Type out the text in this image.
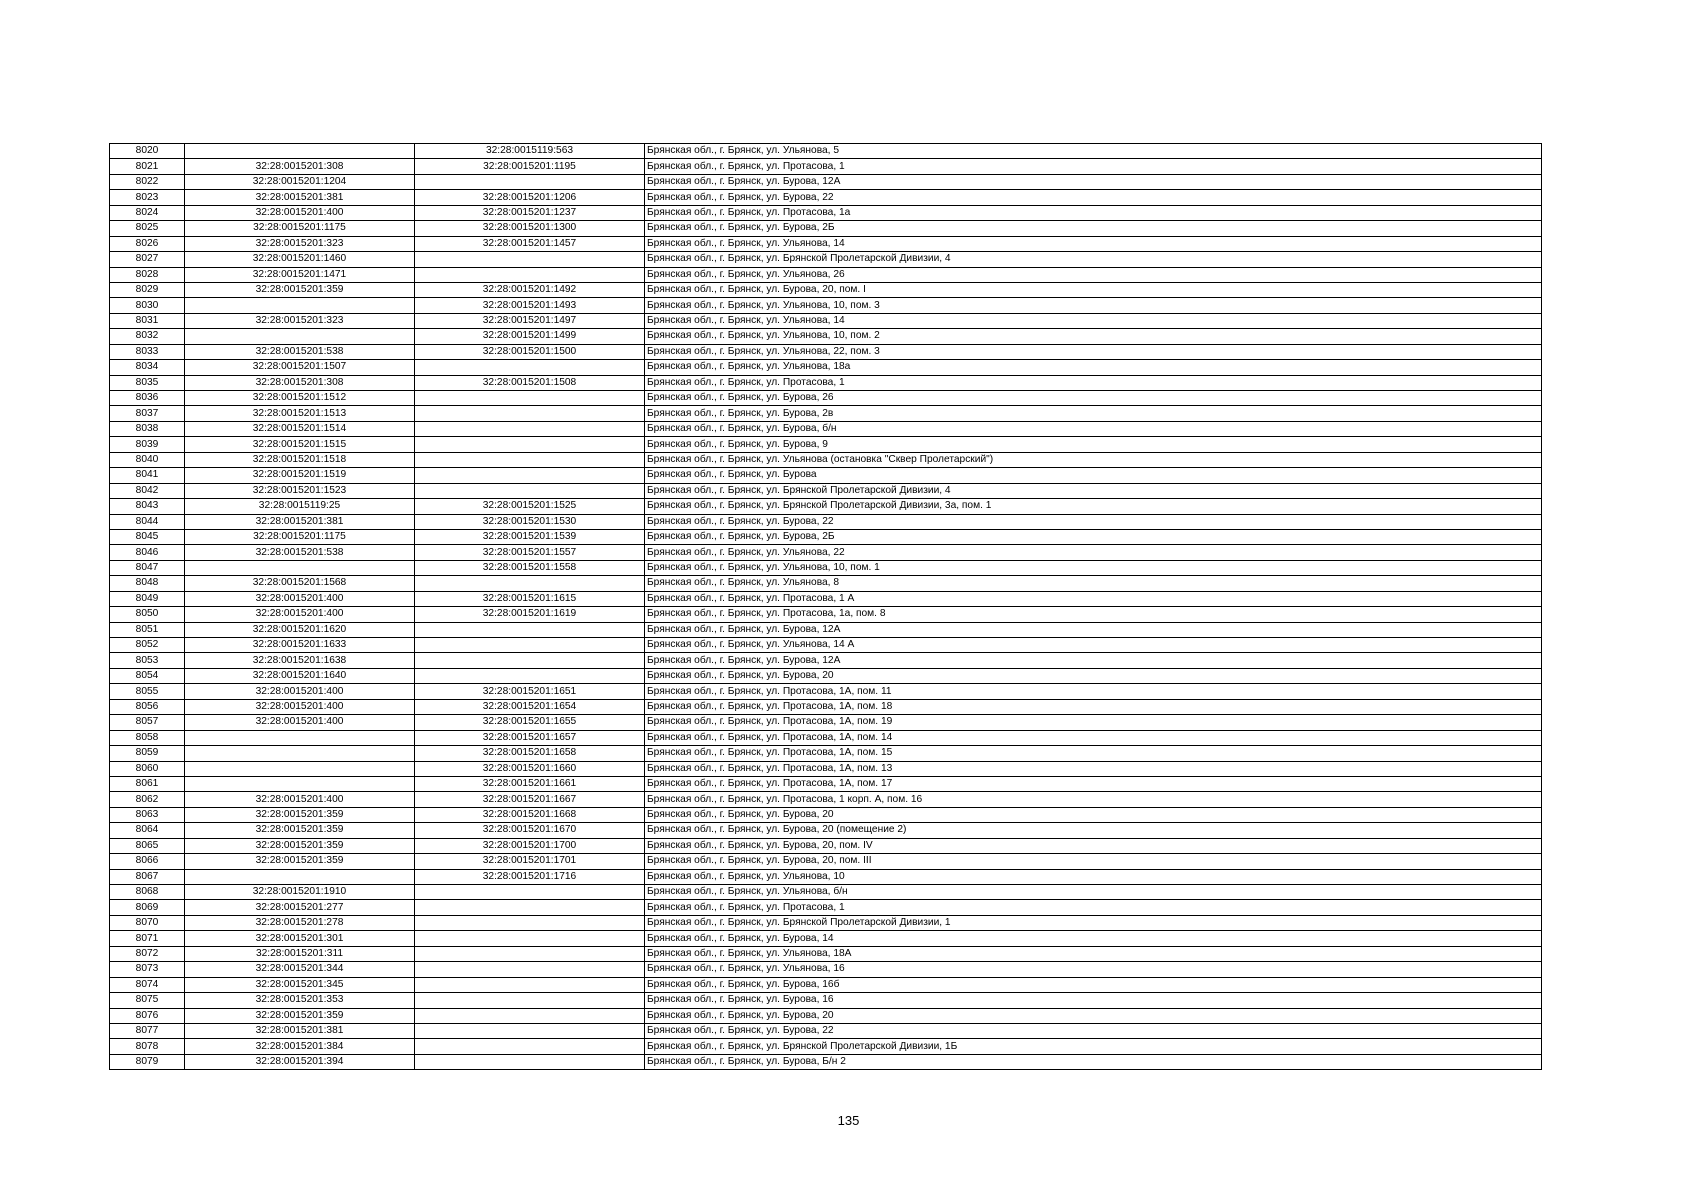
8020		32:28:0015119:563	Брянская обл., г. Брянск, ул. Ульянова, 5
8021	32:28:0015201:308	32:28:0015201:1195	Брянская обл., г. Брянск, ул. Протасова, 1
8022	32:28:0015201:1204		Брянская обл., г. Брянск, ул. Бурова, 12А
8023	32:28:0015201:381	32:28:0015201:1206	Брянская обл., г. Брянск, ул. Бурова, 22
8024	32:28:0015201:400	32:28:0015201:1237	Брянская обл., г. Брянск, ул. Протасова, 1а
8025	32:28:0015201:1175	32:28:0015201:1300	Брянская обл., г. Брянск, ул. Бурова, 2Б
8026	32:28:0015201:323	32:28:0015201:1457	Брянская обл., г. Брянск, ул. Ульянова, 14
8027	32:28:0015201:1460		Брянская обл., г. Брянск, ул. Брянской Пролетарской Дивизии, 4
8028	32:28:0015201:1471		Брянская обл., г. Брянск, ул. Ульянова, 26
8029	32:28:0015201:359	32:28:0015201:1492	Брянская обл., г. Брянск, ул. Бурова, 20, пом. I
8030		32:28:0015201:1493	Брянская обл., г. Брянск, ул. Ульянова, 10, пом. 3
8031	32:28:0015201:323	32:28:0015201:1497	Брянская обл., г. Брянск, ул. Ульянова, 14
8032		32:28:0015201:1499	Брянская обл., г. Брянск, ул. Ульянова, 10, пом. 2
8033	32:28:0015201:538	32:28:0015201:1500	Брянская обл., г. Брянск, ул. Ульянова, 22, пом. 3
8034	32:28:0015201:1507		Брянская обл., г. Брянск, ул. Ульянова, 18а
8035	32:28:0015201:308	32:28:0015201:1508	Брянская обл., г. Брянск, ул. Протасова, 1
8036	32:28:0015201:1512		Брянская обл., г. Брянск, ул. Бурова, 26
8037	32:28:0015201:1513		Брянская обл., г. Брянск, ул. Бурова, 2в
8038	32:28:0015201:1514		Брянская обл., г. Брянск, ул. Бурова, б/н
8039	32:28:0015201:1515		Брянская обл., г. Брянск, ул. Бурова, 9
8040	32:28:0015201:1518		Брянская обл., г. Брянск, ул. Ульянова (остановка "Сквер Пролетарский")
8041	32:28:0015201:1519		Брянская обл., г. Брянск, ул. Бурова
8042	32:28:0015201:1523		Брянская обл., г. Брянск, ул. Брянской Пролетарской Дивизии, 4
8043	32:28:0015119:25	32:28:0015201:1525	Брянская обл., г. Брянск, ул. Брянской Пролетарской Дивизии, 3а, пом. 1
8044	32:28:0015201:381	32:28:0015201:1530	Брянская обл., г. Брянск, ул. Бурова, 22
8045	32:28:0015201:1175	32:28:0015201:1539	Брянская обл., г. Брянск, ул. Бурова, 2Б
8046	32:28:0015201:538	32:28:0015201:1557	Брянская обл., г. Брянск, ул. Ульянова, 22
8047		32:28:0015201:1558	Брянская обл., г. Брянск, ул. Ульянова, 10, пом. 1
8048	32:28:0015201:1568		Брянская обл., г. Брянск, ул. Ульянова, 8
8049	32:28:0015201:400	32:28:0015201:1615	Брянская обл., г. Брянск, ул. Протасова, 1 А
8050	32:28:0015201:400	32:28:0015201:1619	Брянская обл., г. Брянск, ул. Протасова, 1а, пом. 8
8051	32:28:0015201:1620		Брянская обл., г. Брянск, ул. Бурова, 12А
8052	32:28:0015201:1633		Брянская обл., г. Брянск, ул. Ульянова, 14 А
8053	32:28:0015201:1638		Брянская обл., г. Брянск, ул. Бурова, 12А
8054	32:28:0015201:1640		Брянская обл., г. Брянск, ул. Бурова, 20
8055	32:28:0015201:400	32:28:0015201:1651	Брянская обл., г. Брянск, ул. Протасова, 1А, пом. 11
8056	32:28:0015201:400	32:28:0015201:1654	Брянская обл., г. Брянск, ул. Протасова, 1А, пом. 18
8057	32:28:0015201:400	32:28:0015201:1655	Брянская обл., г. Брянск, ул. Протасова, 1А, пом. 19
8058		32:28:0015201:1657	Брянская обл., г. Брянск, ул. Протасова, 1А, пом. 14
8059		32:28:0015201:1658	Брянская обл., г. Брянск, ул. Протасова, 1А, пом. 15
8060		32:28:0015201:1660	Брянская обл., г. Брянск, ул. Протасова, 1А, пом. 13
8061		32:28:0015201:1661	Брянская обл., г. Брянск, ул. Протасова, 1А, пом. 17
8062	32:28:0015201:400	32:28:0015201:1667	Брянская обл., г. Брянск, ул. Протасова, 1 корп. А, пом. 16
8063	32:28:0015201:359	32:28:0015201:1668	Брянская обл., г. Брянск, ул. Бурова, 20
8064	32:28:0015201:359	32:28:0015201:1670	Брянская обл., г. Брянск, ул. Бурова, 20 (помещение 2)
8065	32:28:0015201:359	32:28:0015201:1700	Брянская обл., г. Брянск, ул. Бурова, 20, пом. IV
8066	32:28:0015201:359	32:28:0015201:1701	Брянская обл., г. Брянск, ул. Бурова, 20, пом. III
8067		32:28:0015201:1716	Брянская обл., г. Брянск, ул. Ульянова, 10
8068	32:28:0015201:1910		Брянская обл., г. Брянск, ул. Ульянова, б/н
8069	32:28:0015201:277		Брянская обл., г. Брянск, ул. Протасова, 1
8070	32:28:0015201:278		Брянская обл., г. Брянск, ул. Брянской Пролетарской Дивизии, 1
8071	32:28:0015201:301		Брянская обл., г. Брянск, ул. Бурова, 14
8072	32:28:0015201:311		Брянская обл., г. Брянск, ул. Ульянова, 18А
8073	32:28:0015201:344		Брянская обл., г. Брянск, ул. Ульянова, 16
8074	32:28:0015201:345		Брянская обл., г. Брянск, ул. Бурова, 16б
8075	32:28:0015201:353		Брянская обл., г. Брянск, ул. Бурова, 16
8076	32:28:0015201:359		Брянская обл., г. Брянск, ул. Бурова, 20
8077	32:28:0015201:381		Брянская обл., г. Брянск, ул. Бурова, 22
8078	32:28:0015201:384		Брянская обл., г. Брянск, ул. Брянской Пролетарской Дивизии, 1Б
8079	32:28:0015201:394		Брянская обл., г. Брянск, ул. Бурова, Б/н 2
135
